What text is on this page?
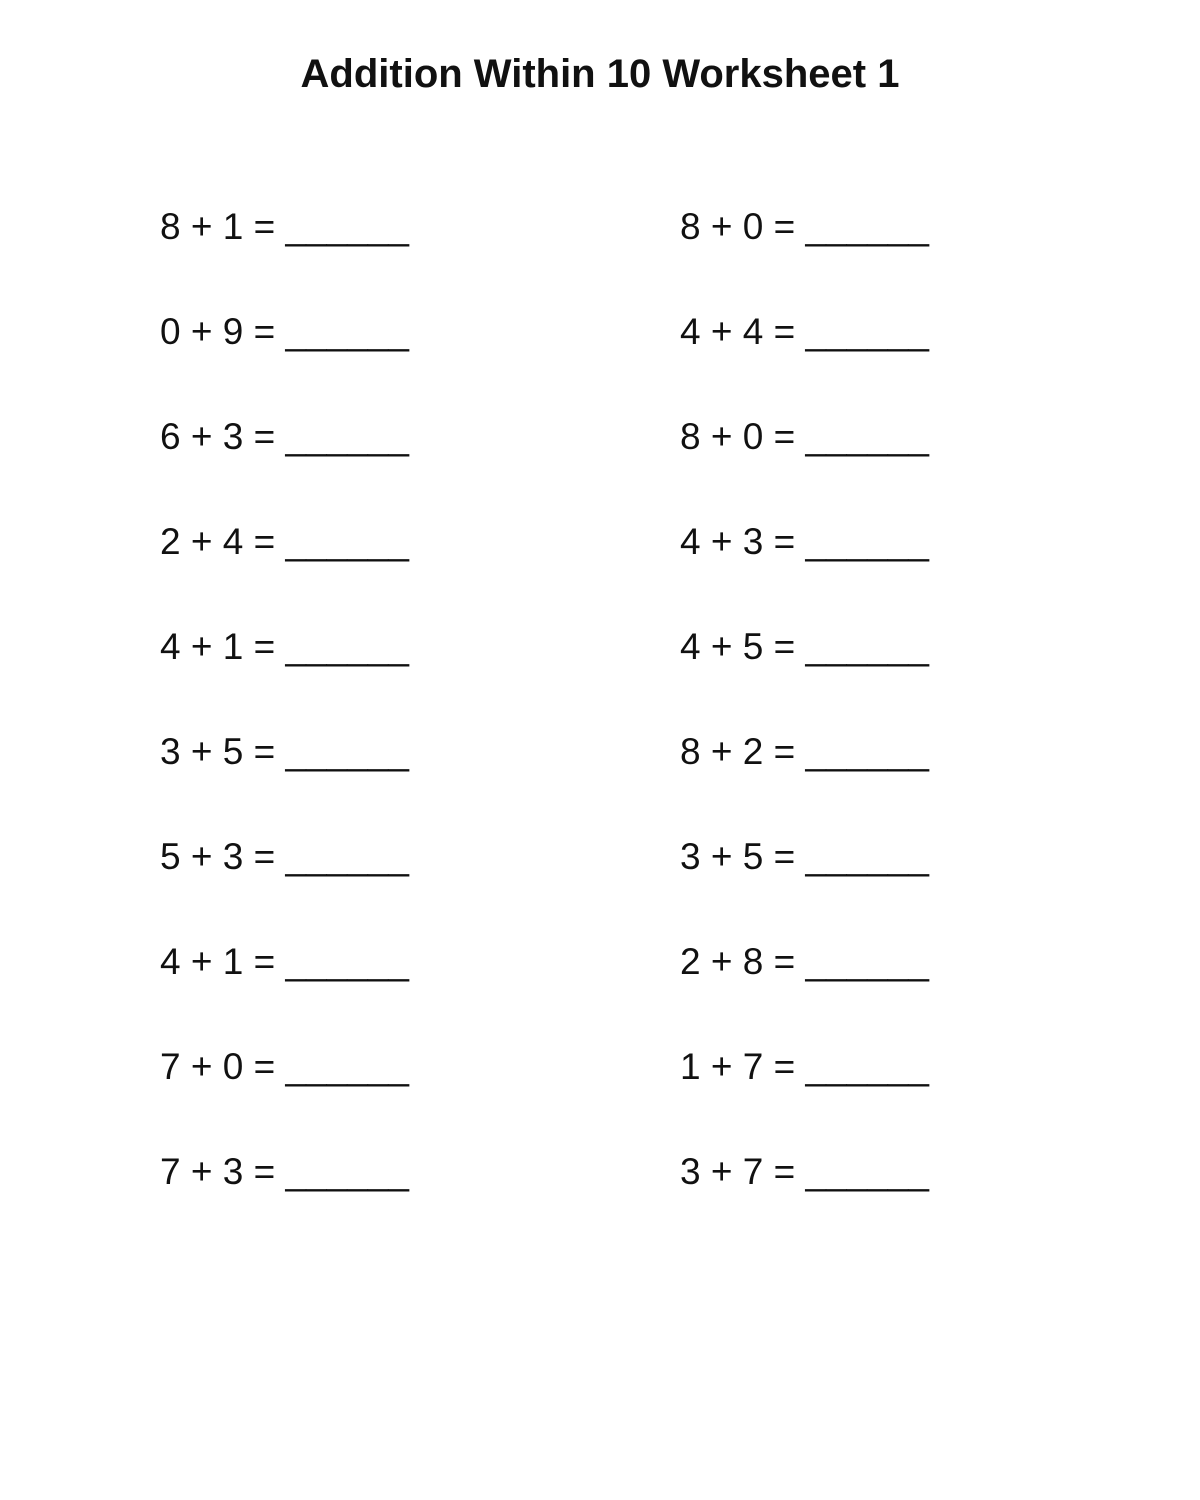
Addition Within 10 Worksheet 1
8 + 1 = ______	8 + 0 = ______
0 + 9 = ______	4 + 4 = ______
6 + 3 = ______	8 + 0 = ______
2 + 4 = ______	4 + 3 = ______
4 + 1 = ______	4 + 5 = ______
3 + 5 = ______	8 + 2 = ______
5 + 3 = ______	3 + 5 = ______
4 + 1 = ______	2 + 8 = ______
7 + 0 = ______	1 + 7 = ______
7 + 3 = ______	3 + 7 = ______
